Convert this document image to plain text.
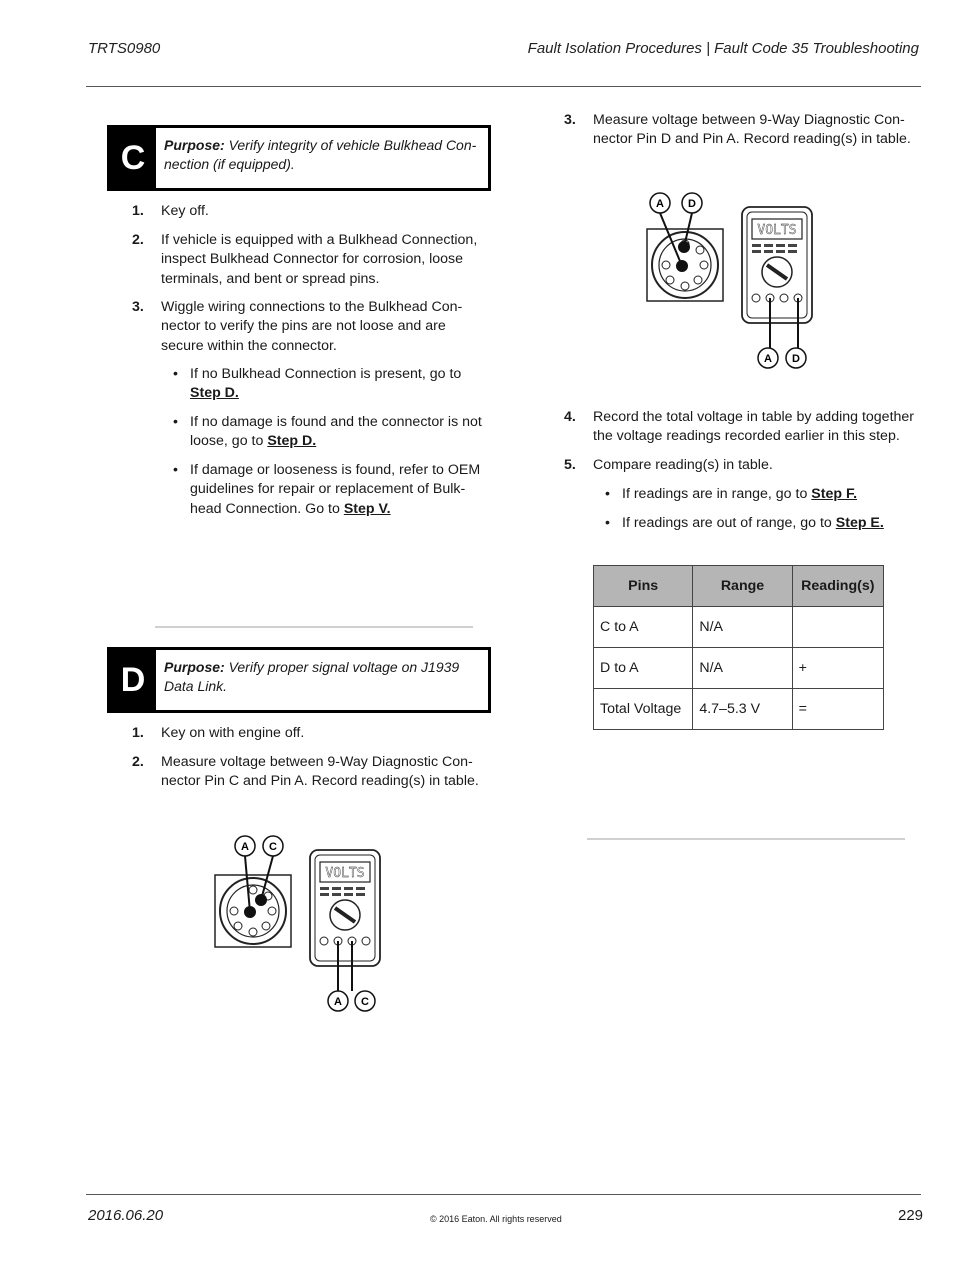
TRTS0980	Fault Isolation Procedures | Fault Code 35 Troubleshooting
C	Purpose: Verify integrity of vehicle Bulkhead Con-
nection (if equipped).
1. Key off.
2. If vehicle is equipped with a Bulkhead Connection,
inspect Bulkhead Connector for corrosion, loose
terminals, and bent or spread pins.
3. Wiggle wiring connections to the Bulkhead Con-
nector to verify the pins are not loose and are
secure within the connector.
• If no Bulkhead Connection is present, go to
Step D.
• If no damage is found and the connector is not
loose, go to Step D.
• If damage or looseness is found, refer to OEM
guidelines for repair or replacement of Bulk-
head Connection. Go to Step V.
D	Purpose: Verify proper signal voltage on J1939
Data Link.
1. Key on with engine off.
2. Measure voltage between 9-Way Diagnostic Con-
nector Pin C and Pin A. Record reading(s) in table.
A C
VOLTS
A C
3. Measure voltage between 9-Way Diagnostic Con-
nector Pin D and Pin A. Record reading(s) in table.
A D
VOLTS
A D
4. Record the total voltage in table by adding together
the voltage readings recorded earlier in this step.
5. Compare reading(s) in table.
• If readings are in range, go to Step F.
• If readings are out of range, go to Step E.
Pins	Range	Reading(s)
C to A	N/A	
D to A	N/A	+
Total Voltage	4.7–5.3 V	=
2016.06.20	© 2016 Eaton. All rights reserved	229
